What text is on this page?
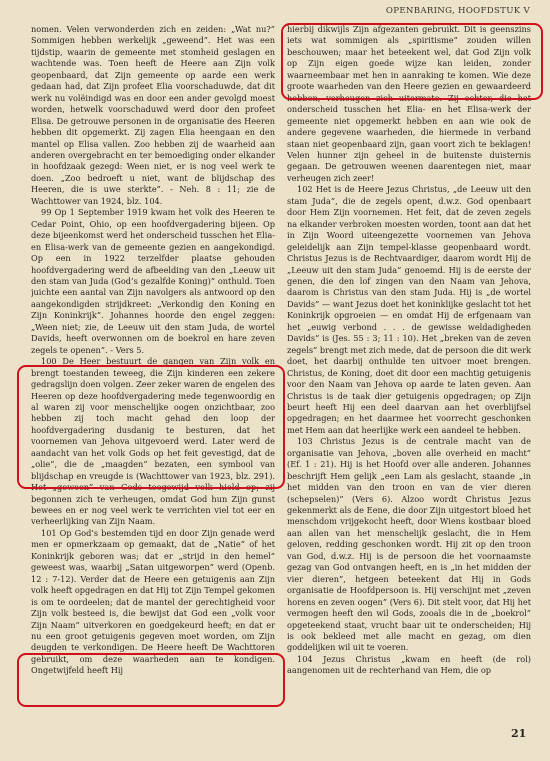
OPENBARING, HOOFDSTUK V

nomen. Velen verwonderden zich en zeiden: „Wat nu?” Sommigen hebben werkelijk „geweend”. Het was een tijdstip, waarin de gemeente met stomheid geslagen en wachtende was. Toen heeft de Heere aan Zijn volk geopenbaard, dat Zijn gemeente op aarde een werk gedaan had, dat Zijn profeet Elia voorschaduwde, dat dit werk nu volëindigd was en door een ander gevolgd moest worden, hetwelk voorschaduwd werd door den profeet Elisa. De getrouwe personen in de organisatie des Heeren hebben dit opgemerkt. Zij zagen Elia heengaan en den mantel op Elisa vallen. Zoo hebben zij de waarheid aan anderen overgebracht en ter bemoediging onder elkander in hoofdzaak gezegd: Ween niet, er is nog veel werk te doen. „Zoo bedroeft u niet, want de blijdschap des Heeren, die is uwe sterkte”. - Neh. 8 : 11; zie de Wachttower van 1924, blz. 104.

99 Op 1 September 1919 kwam het volk des Heeren te Cedar Point, Ohio, op een hoofdvergadering bijeen. Op deze bijeenkomst werd het onderscheid tusschen het Elia- en Elisa-werk van de gemeente gezien en aangekondigd. Op een in 1922 terzelfder plaatse gehouden hoofdvergadering werd de afbeelding van den „Leeuw uit den stam van Juda (God’s gezalfde Koning)” onthuld. Toen juichte een aantal van Zijn navolgers als antwoord op den aangekondigden strijdkreet: „Verkondig den Koning en Zijn Koninkrijk”. Johannes hoorde den engel zeggen: „Ween niet; zie, de Leeuw uit den stam Juda, de wortel Davids, heeft overwonnen om de boekrol en hare zeven zegels te openen”. - Vers 5.

100 De Heer bestuurt de gangen van Zijn volk en brengt toestanden teweeg, die Zijn kinderen een zekere gedragslijn doen volgen. Zeer zeker waren de engelen des Heeren op deze hoofdvergadering mede tegenwoordig en al waren zij voor menschelijke oogen onzichtbaar, zoo hebben zij toch macht gehad den loop der hoofdvergadering dusdanig te besturen, dat het voornemen van Jehova uitgevoerd werd. Later werd de aandacht van het volk Gods op het feit gevestigd, dat de „olie”, die de „maagden” bezaten, een symbool van blijdschap en vreugde is (Wachttower van 1923, blz. 291). Het „geween” van Gods toegewijd volk hield op; zij begonnen zich te verheugen, omdat God hun Zijn gunst bewees en er nog veel werk te verrichten viel tot eer en verheerlijking van Zijn Naam.

101 Op God’s bestemden tijd en door Zijn genade werd men er opmerkzaam op gemaakt, dat de „Natie” of het Koninkrijk geboren was; dat er „strijd in den hemel” geweest was, waarbij „Satan uitgeworpen” werd (Openb. 12 : 7-12). Verder dat de Heere een getuigenis aan Zijn volk heeft opgedragen en dat Hij tot Zijn Tempel gekomen is om te oordeelen; dat de mantel der gerechtigheid voor Zijn volk besteed is, die bewijst dat God een „volk voor Zijn Naam” uitverkoren en goedgekeurd heeft; en dat er nu een groot getuigenis gegeven moet worden, om Zijn deugden te verkondigen. De Heere heeft De Wachttoren gebruikt, om deze waarheden aan te kondigen. Ongetwijfeld heeft Hij

hierbij dikwijls Zijn afgezanten gebruikt. Dit is geenszins iets wat sommigen als „spiritisme” zouden willen beschouwen; maar het beteekent wel, dat God Zijn volk op Zijn eigen goede wijze kan leiden, zonder waarneembaar met hen in aanraking te komen. Wie deze groote waarheden van den Heere gezien en gewaardeerd hebben, verheugen zich uitermate. Zij echter, die het onderscheid tusschen het Elia- en het Elisa-werk der gemeente niet opgemerkt hebben en aan wie ook de andere gegevene waarheden, die hiermede in verband staan niet geopenbaard zijn, gaan voort zich te beklagen! Velen hunner zijn geheel in de buitenste duisternis gegaan. De getrouwen weenen daarentegen niet, maar verheugen zich zeer!

102 Het is de Heere Jezus Christus, „de Leeuw uit den stam Juda”, die de zegels opent, d.w.z. God openbaart door Hem Zijn voornemen. Het feit, dat de zeven zegels na elkander verbroken moesten worden, toont aan dat het in Zijn Woord uiteengezette voornemen van Jehova geleidelijk aan Zijn tempel-klasse geopenbaard wordt. Christus Jezus is de Rechtvaardiger, daarom wordt Hij de „Leeuw uit den stam Juda” genoemd. Hij is de eerste der genen, die den lof zingen van den Naam van Jehova, daarom is Christus van den stam Juda. Hij is „de wortel Davids” — want Jezus doet het koninklijke geslacht tot het Koninkrijk opgroeien — en omdat Hij de erfgenaam van het „euwig verbond . . . de gewisse weldadigheden Davids” is (Jes. 55 : 3; 11 : 10). Het „breken van de zeven zegels” brengt met zich mede, dat de persoon die dit werk doet, het daarbij onthulde ten uitvoer moet brengen. Christus, de Koning, doet dit door een machtig getuigenis voor den Naam van Jehova op aarde te laten geven. Aan Christus is de taak dier getuigenis opgedragen; op Zijn beurt heeft Hij een deel daarvan aan het overblijfsel opgedragen; en het daarmee het voorrecht geschonken met Hem aan dat heerlijke werk een aandeel te hebben.

103 Christus Jezus is de centrale macht van de organisatie van Jehova, „boven alle overheid en macht” (Ef. 1 : 21). Hij is het Hoofd over alle anderen. Johannes beschrijft Hem gelijk „een Lam als geslacht, staande „in het midden van den troon en van de vier dieren (schepselen)” (Vers 6). Alzoo wordt Christus Jezus gekenmerkt als de Eene, die door Zijn uitgestort bloed het menschdom vrijgekocht heeft, door Wiens kostbaar bloed aan allen van het menschelijk geslacht, die in Hem geloven, redding geschonken wordt. Hij zit op den troon van God, d.w.z. Hij is de persoon die het voornaamste gezag van God ontvangen heeft, en is „in het midden der vier dieren”, hetgeen beteekent dat Hij in Gods organisatie de Hoofdpersoon is. Hij verschijnt met „zeven horens en zeven oogen” (Vers 6). Dit stelt voor, dat Hij het vermogen heeft den wil Gods, zooals die in de „boekrol” opgeteekend staat, vrucht baar uit te onderscheiden; Hij is ook bekleed met alle macht en gezag, om dien goddelijken wil uit te voeren.

104 Jezus Christus „kwam en heeft (de rol) aangenomen uit de rechterhand van Hem, die op

21
